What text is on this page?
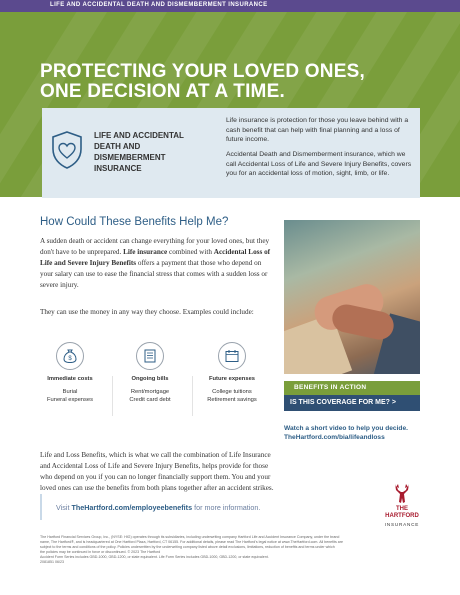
LIFE AND ACCIDENTAL DEATH AND DISMEMBERMENT INSURANCE
PROTECTING YOUR LOVED ONES,
ONE DECISION AT A TIME.
LIFE AND ACCIDENTAL DEATH AND DISMEMBERMENT INSURANCE
Life insurance is protection for those you leave behind with a cash benefit that can help with final planning and a loss of future income.
Accidental Death and Dismemberment insurance, which we call Accidental Loss of Life and Severe Injury Benefits, covers you for an accidental loss of motion, sight, limb, or life.
How Could These Benefits Help Me?
A sudden death or accident can change everything for your loved ones, but they don't have to be unprepared. Life insurance combined with Accidental Loss of Life and Severe Injury Benefits offers a payment that those who depend on your salary can use to ease the financial stress that comes with a sudden loss or severe injury.
They can use the money in any way they choose. Examples could include:
$
Immediate costs
Burial
Funeral expenses
Ongoing bills
Rent/mortgage
Credit card debt
Future expenses
College tuitions
Retirement savings
Life and Loss Benefits, which is what we call the combination of Life Insurance and Accidental Loss of Life and Severe Injury Benefits, helps provide for those who depend on you if you can no longer financially support them. You and your loved ones can use the benefits from both plans together after an accident strikes.
BENEFITS IN ACTION
IS THIS COVERAGE FOR ME? >
Watch a short video to help you decide.
TheHartford.com/bia/lifeandloss
Visit TheHartford.com/employeebenefits for more information.	THE
HARTFORD
INSURANCE
The Hartford Financial Services Group, Inc., (NYSE: HIG) operates through its subsidiaries, including underwriting company Hartford Life and Accident Insurance Company, under the brand
name, The Hartford®, and is headquartered at One Hartford Plaza, Hartford, CT 06155. For additional details, please read The Hartford's legal notice at www.TheHartford.com. All benefits are
subject to the terms and conditions of the policy. Policies underwritten by the underwriting company listed above detail exclusions, limitations, reduction of benefits and terms under which
the policies may be continued in force or discontinued. © 2023 The Hartford
Accident Form Series includes GBD-1000, GBD-1200, or state equivalent. Life Form Series includes GBD-1000, GBD-1200, or state equivalent.
2081851 06/23
